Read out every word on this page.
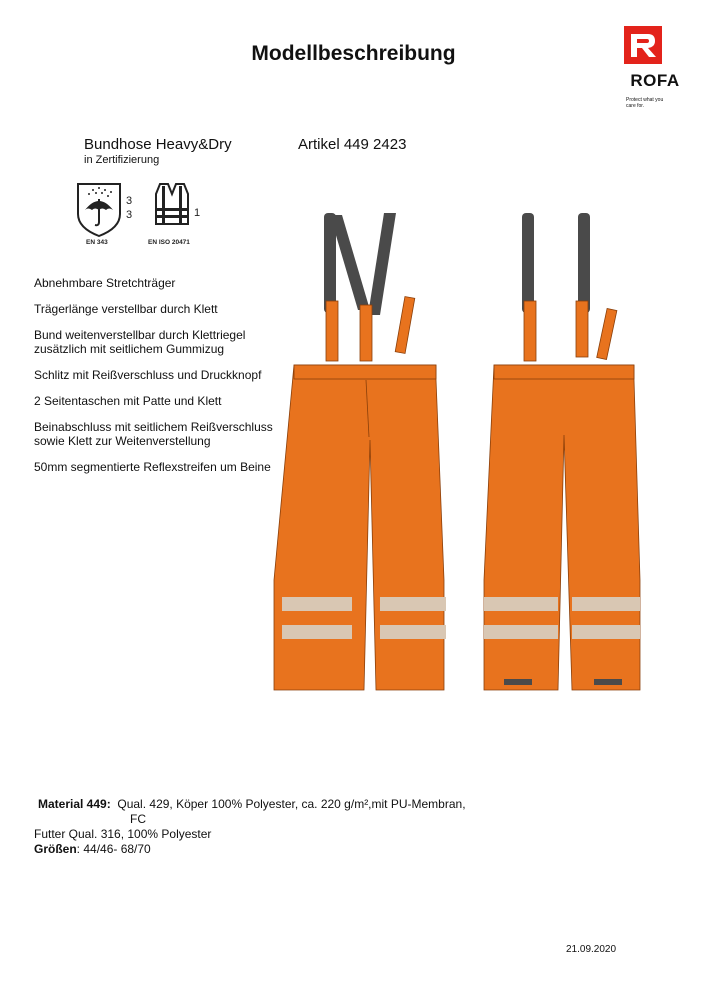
Modellbeschreibung
ROFA
Protect what you
care for.
Bundhose Heavy&Dry	Artikel 449 2423
in Zertifizierung
3
3
EN 343
1
EN ISO 20471

Abnehmbare Stretchträger

Trägerlänge verstellbar durch Klett

Bund weitenverstellbar durch Klettriegel zusätzlich mit seitlichem Gummizug

Schlitz mit Reißverschluss und Druckknopf

2 Seitentaschen mit Patte und Klett

Beinabschluss mit seitlichem Reißverschluss sowie Klett zur Weitenverstellung

50mm segmentierte Reflexstreifen um Beine

Material 449: Qual. 429, Köper 100% Polyester, ca. 220 g/m²,mit PU-Membran,
FC
Futter Qual. 316, 100% Polyester
Größen: 44/46- 68/70
21.09.2020
